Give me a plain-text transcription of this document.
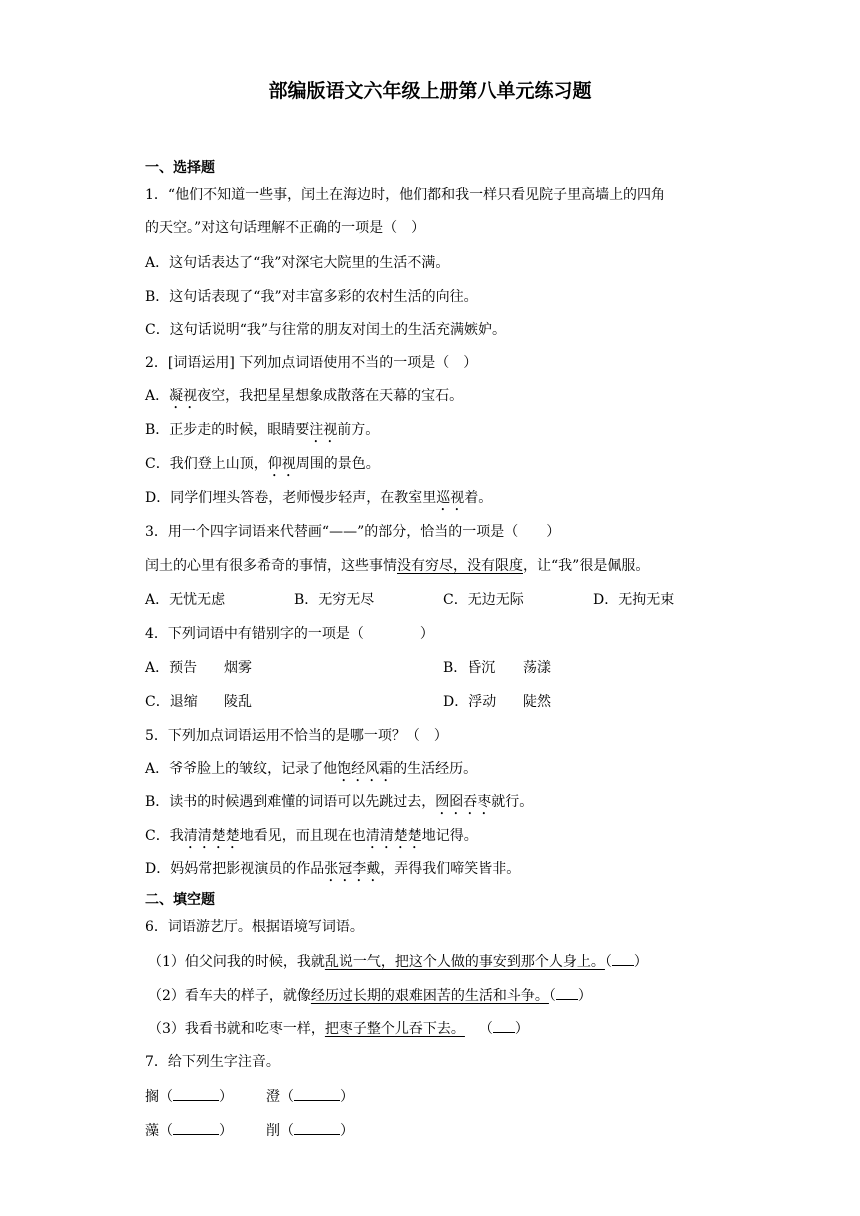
部编版语文六年级上册第八单元练习题
一、选择题
1．“他们不知道一些事，闰土在海边时，他们都和我一样只看见院子里高墙上的四角
的天空。”对这句话理解不正确的一项是（　）
A．这句话表达了“我”对深宅大院里的生活不满。
B．这句话表现了“我”对丰富多彩的农村生活的向往。
C．这句话说明“我”与往常的朋友对闰土的生活充满嫉妒。
2．[词语运用] 下列加点词语使用不当的一项是（　）
A．凝视夜空，我把星星想象成散落在天幕的宝石。
B．正步走的时候，眼睛要注视前方。
C．我们登上山顶，仰视周围的景色。
D．同学们埋头答卷，老师慢步轻声，在教室里巡视着。
3．用一个四字词语来代替画“——”的部分，恰当的一项是（　　）
闰土的心里有很多希奇的事情，这些事情没有穷尽，没有限度，让“我”很是佩服。
A．无忧无虑	B．无穷无尽	C．无边无际	D．无拘无束
4．下列词语中有错别字的一项是（　　　　）
A．预告 烟雾	B．昏沉 荡漾
C．退缩 陵乱	D．浮动 陡然
5．下列加点词语运用不恰当的是哪一项？（　）
A．爷爷脸上的皱纹，记录了他饱经风霜的生活经历。
B．读书的时候遇到难懂的词语可以先跳过去，囫囵吞枣就行。
C．我清清楚楚地看见，而且现在也清清楚楚地记得。
D．妈妈常把影视演员的作品张冠李戴，弄得我们啼笑皆非。
二、填空题
6．词语游艺厅。根据语境写词语。
（1）伯父问我的时候，我就乱说一气，把这个人做的事安到那个人身上。（ ）
（2）看车夫的样子，就像经历过长期的艰难困苦的生活和斗争。（ ）
（3）我看书就和吃枣一样，把枣子整个儿吞下去。 （ ）
7．给下列生字注音。
搁（	） 澄（	）
藻（	） 削（	）
